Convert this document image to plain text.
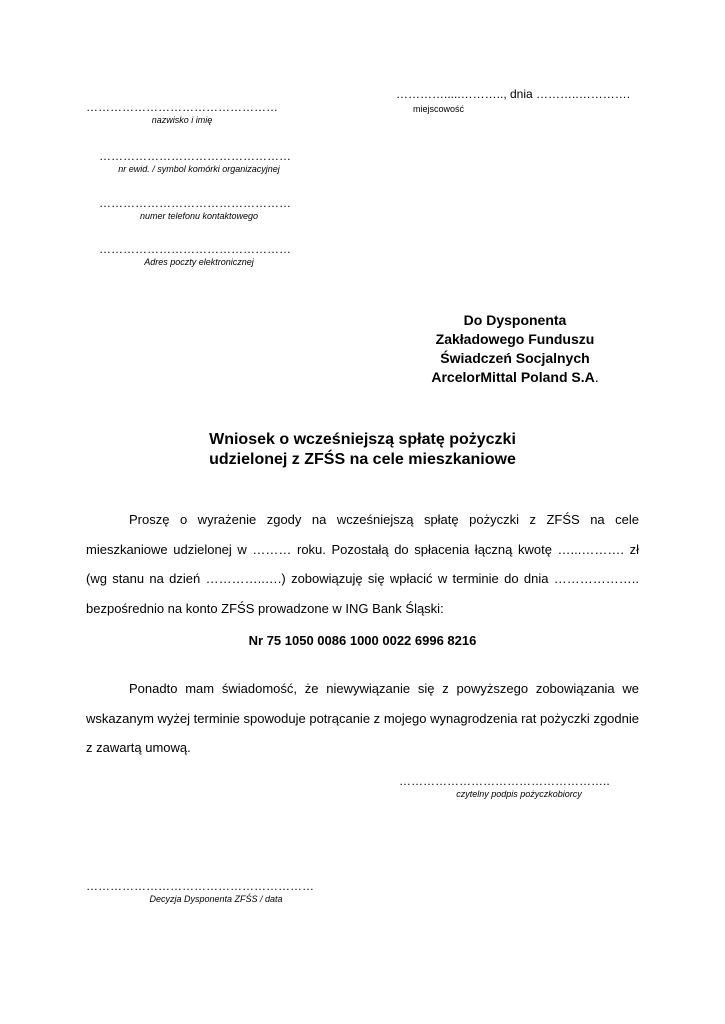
………….....……….., dnia ………..………….
miejscowość
…………………………………………
nazwisko i imię
…………………………………………
nr ewid. / symbol komórki organizacyjnej
…………………………………………
numer telefonu kontaktowego
…………………………………………
Adres poczty elektronicznej
Do Dysponenta
Zakładowego Funduszu
Świadczeń Socjalnych
ArcelorMittal Poland S.A.
Wniosek o wcześniejszą spłatę pożyczki
udzielonej z ZFŚS na cele mieszkaniowe
Proszę o wyrażenie zgody na wcześniejszą spłatę pożyczki z ZFŚS na cele mieszkaniowe udzielonej w ……… roku. Pozostałą do spłacenia łączną kwotę …...………. zł (wg stanu na dzień …………..….) zobowiązuję się wpłacić w terminie do dnia ……………….. bezpośrednio na konto ZFŚS prowadzone w ING Bank Śląski:
Nr 75 1050 0086 1000 0022 6996 8216
Ponadto mam świadomość, że niewywiązanie się z powyższego zobowiązania we wskazanym wyżej terminie spowoduje potrącanie z mojego wynagrodzenia rat pożyczki zgodnie z zawartą umową.
……………………………………………..
czytelny podpis pożyczkobiorcy
…………………………………………………
Decyzja Dysponenta ZFŚS / data
